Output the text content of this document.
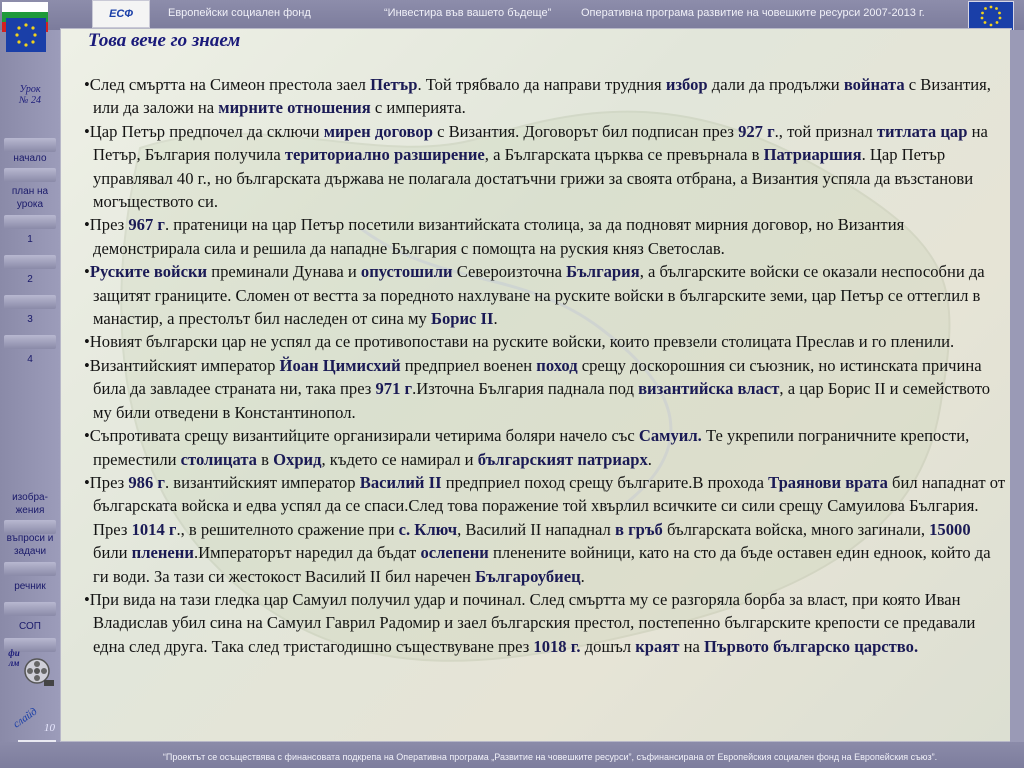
ЕСФ	Европейски социален фонд	“Инвестира във вашето бъдеще”	Оперативна програма развитие на човешките ресурси 2007-2013 г.
Урок
№ 24
начало
план на урока
1
2
3
4
изобра-жения
въпроси и задачи
речник
СОП
филм
слайд 10
Това вече го знаем

•След смъртта на Симеон престола заел Петър. Той трябвало да направи трудния избор дали да продължи войната с Византия, или да заложи на мирните отношения с империята.

•Цар Петър предпочел да сключи мирен договор с Византия. Договорът бил подписан през 927 г., той признал титлата цар на Петър, България получила териториално разширение, а Българската църква се превърнала в Патриаршия. Цар Петър управлявал 40 г., но българската държава не полагала достатъчни грижи за своята отбрана, а Византия успяла да възстанови могъществото си.

•През 967 г. пратеници на цар Петър посетили византийската столица, за да подновят мирния договор, но Византия демонстрирала сила и решила да нападне България с помощта на руския княз Светослав.

•Руските войски преминали Дунава и опустошили Североизточна България, а българските войски се оказали неспособни да защитят границите. Сломен от вестта за поредното нахлуване на руските войски в българските земи, цар Петър се оттеглил в манастир, а престолът бил наследен от сина му Борис II.

•Новият български цар не успял да се противопостави на руските войски, които превзели столицата Преслав и го пленили.

•Византийският император Йоан Цимисхий предприел военен поход срещу доскорошния си съюзник, но истинската причина била да завладее страната ни, така през 971 г.Източна България паднала под византийска власт, а цар Борис II и семейството му били отведени в Константинопол.

•Съпротивата срещу византийците организирали четирима боляри начело със Самуил. Те укрепили пограничните крепости, преместили столицата в Охрид, където се намирал и българският патриарх.

•През 986 г. византийският император Василий II предприел поход срещу българите.В прохода Траянови врата бил нападнат от българската войска и едва успял да се спаси.След това поражение той хвърлил всичките си сили срещу Самуилова България. През 1014 г., в решителното сражение при с. Ключ, Василий II нападнал в гръб българската войска, много загинали, 15000 били пленени.Императорът наредил да бъдат ослепени пленените войници, като на сто да бъде оставен един едноок, който да ги води. За тази си жестокост Василий II бил наречен Българоубиец.

•При вида на тази гледка цар Самуил получил удар и починал. След смъртта му се разгоряла борба за власт, при която Иван Владислав убил сина на Самуил Гаврил Радомир и заел българския престол, постепенно българските крепости се предавали една след друга. Така след тристагодишно съществуване през 1018 г. дошъл краят на Първото българско царство.

“Проектът се осъществява с финансовата подкрепа на Оперативна програма „Развитие на човешките ресурси”, съфинансирана от Европейския социален фонд на Европейския съюз”.
